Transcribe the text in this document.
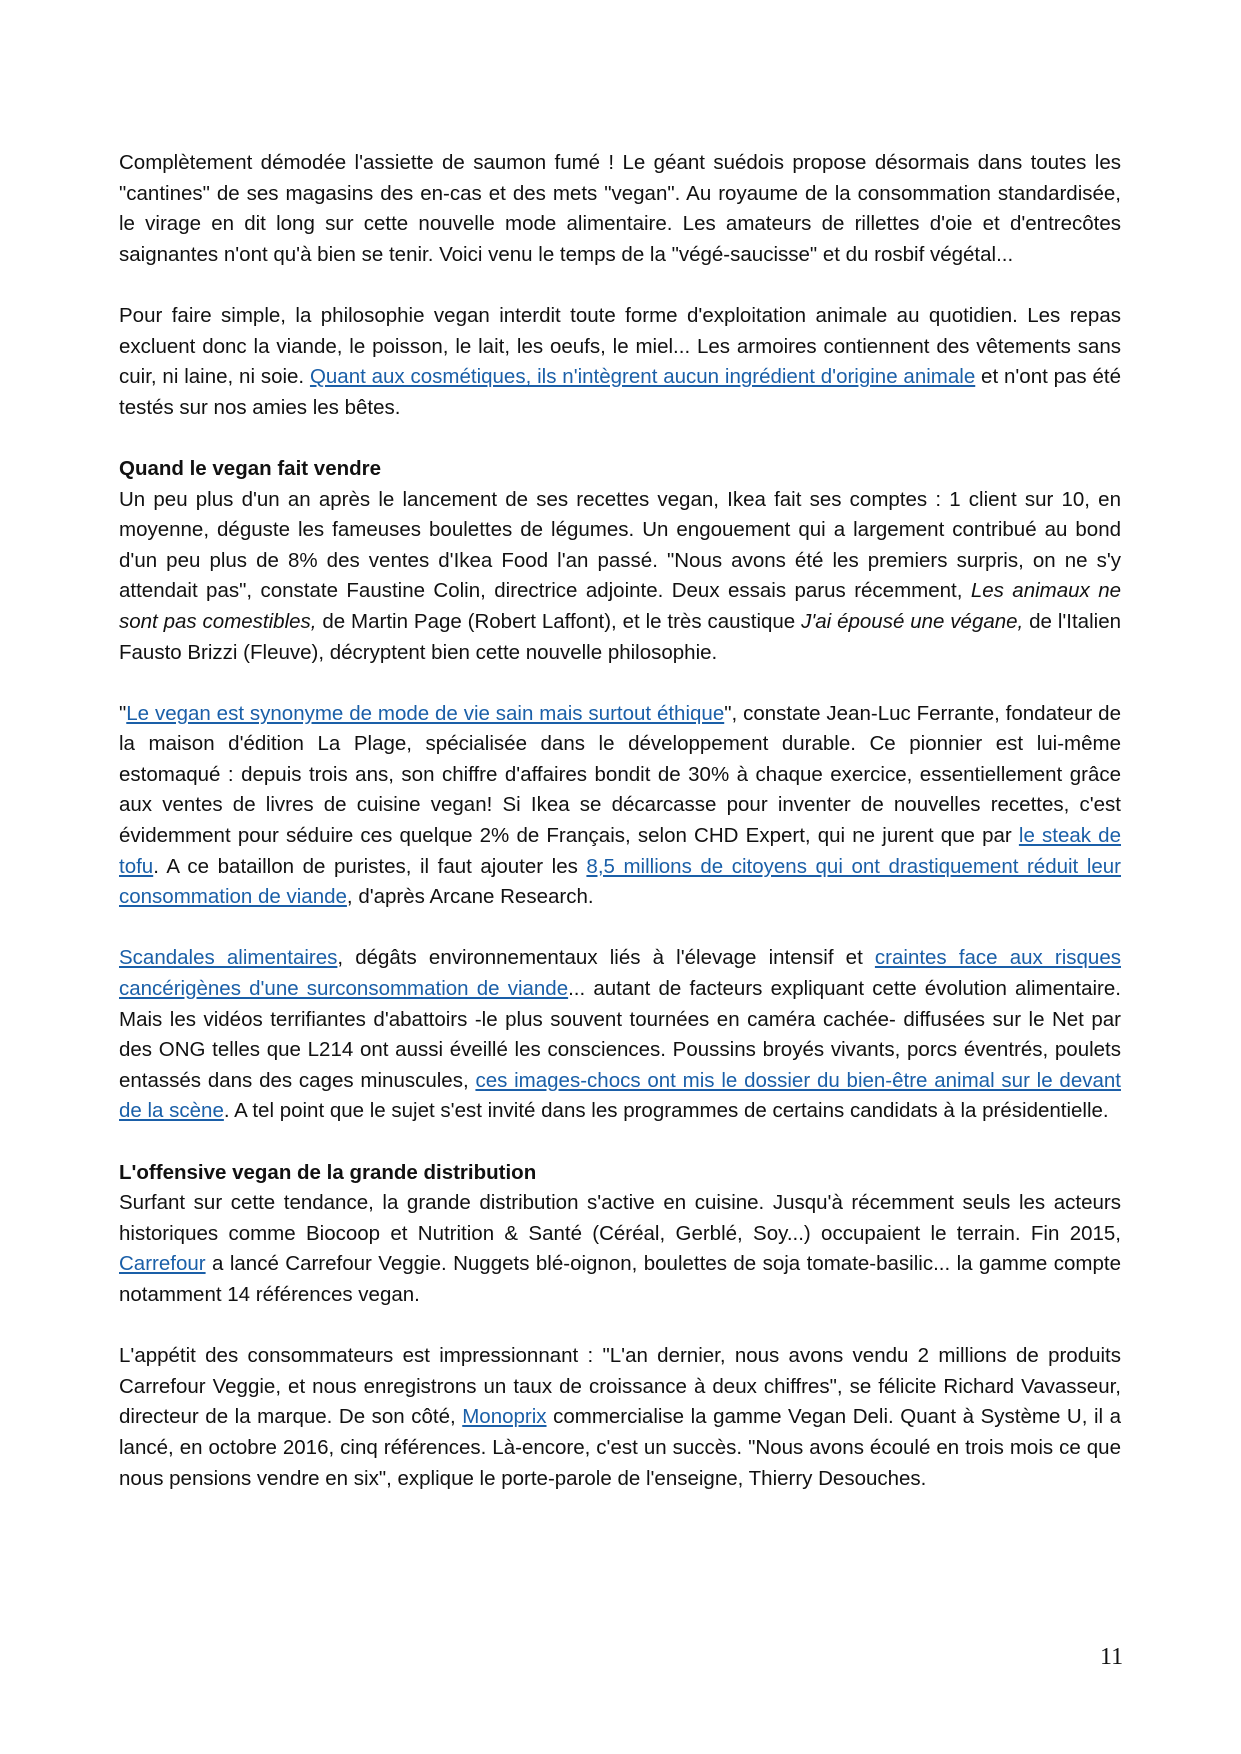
Complètement démodée l'assiette de saumon fumé ! Le géant suédois propose désormais dans toutes les "cantines" de ses magasins des en-cas et des mets "vegan". Au royaume de la consommation standardisée, le virage en dit long sur cette nouvelle mode alimentaire. Les amateurs de rillettes d'oie et d'entrecôtes saignantes n'ont qu'à bien se tenir. Voici venu le temps de la "végé-saucisse" et du rosbif végétal...

Pour faire simple, la philosophie vegan interdit toute forme d'exploitation animale au quotidien. Les repas excluent donc la viande, le poisson, le lait, les oeufs, le miel... Les armoires contiennent des vêtements sans cuir, ni laine, ni soie. Quant aux cosmétiques, ils n'intègrent aucun ingrédient d'origine animale et n'ont pas été testés sur nos amies les bêtes.

Quand le vegan fait vendre

Un peu plus d'un an après le lancement de ses recettes vegan, Ikea fait ses comptes : 1 client sur 10, en moyenne, déguste les fameuses boulettes de légumes. Un engouement qui a largement contribué au bond d'un peu plus de 8% des ventes d'Ikea Food l'an passé. "Nous avons été les premiers surpris, on ne s'y attendait pas", constate Faustine Colin, directrice adjointe. Deux essais parus récemment, Les animaux ne sont pas comestibles, de Martin Page (Robert Laffont), et le très caustique J'ai épousé une végane, de l'Italien Fausto Brizzi (Fleuve), décryptent bien cette nouvelle philosophie.

"Le vegan est synonyme de mode de vie sain mais surtout éthique", constate Jean-Luc Ferrante, fondateur de la maison d'édition La Plage, spécialisée dans le développement durable. Ce pionnier est lui-même estomaqué : depuis trois ans, son chiffre d'affaires bondit de 30% à chaque exercice, essentiellement grâce aux ventes de livres de cuisine vegan! Si Ikea se décarcasse pour inventer de nouvelles recettes, c'est évidemment pour séduire ces quelque 2% de Français, selon CHD Expert, qui ne jurent que par le steak de tofu. A ce bataillon de puristes, il faut ajouter les 8,5 millions de citoyens qui ont drastiquement réduit leur consommation de viande, d'après Arcane Research.

Scandales alimentaires, dégâts environnementaux liés à l'élevage intensif et craintes face aux risques cancérigènes d'une surconsommation de viande... autant de facteurs expliquant cette évolution alimentaire. Mais les vidéos terrifiantes d'abattoirs -le plus souvent tournées en caméra cachée- diffusées sur le Net par des ONG telles que L214 ont aussi éveillé les consciences. Poussins broyés vivants, porcs éventrés, poulets entassés dans des cages minuscules, ces images-chocs ont mis le dossier du bien-être animal sur le devant de la scène. A tel point que le sujet s'est invité dans les programmes de certains candidats à la présidentielle.

L'offensive vegan de la grande distribution

Surfant sur cette tendance, la grande distribution s'active en cuisine. Jusqu'à récemment seuls les acteurs historiques comme Biocoop et Nutrition & Santé (Céréal, Gerblé, Soy...) occupaient le terrain. Fin 2015, Carrefour a lancé Carrefour Veggie. Nuggets blé-oignon, boulettes de soja tomate-basilic... la gamme compte notamment 14 références vegan.

L'appétit des consommateurs est impressionnant : "L'an dernier, nous avons vendu 2 millions de produits Carrefour Veggie, et nous enregistrons un taux de croissance à deux chiffres", se félicite Richard Vavasseur, directeur de la marque. De son côté, Monoprix commercialise la gamme Vegan Deli. Quant à Système U, il a lancé, en octobre 2016, cinq références. Là-encore, c'est un succès. "Nous avons écoulé en trois mois ce que nous pensions vendre en six", explique le porte-parole de l'enseigne, Thierry Desouches.

11
